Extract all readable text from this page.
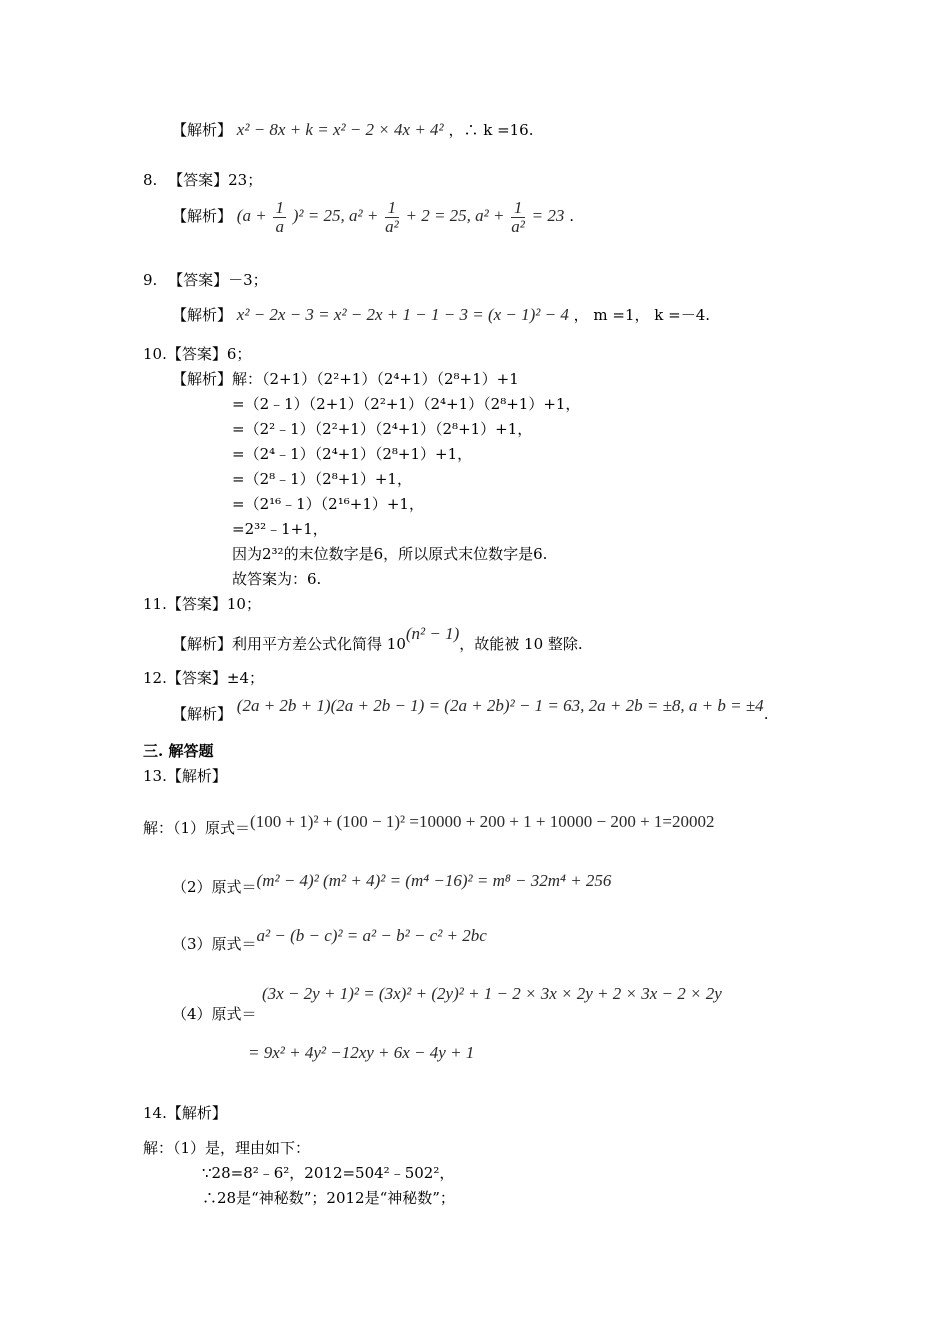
【解析】 x² − 8x + k = x² − 2 × 4x + 4² ，∴ k =16.
8. 【答案】23；
【解析】 $(a + \frac{1}{a} )^2 = 25$, $a^2 + \frac{1}{\text{a²}} + 2 = 25$, $a^2 + \frac{1}{\text{a²}} = 23$ .
9. 【答案】－3；
【解析】 x² − 2x − 3 = x² − 2x + 1 − 1 − 3 = (x − 1)² − 4 ， m =1， k =－4.
10.【答案】6；
【解析】 解：（2+1）（2²+1）（2⁴+1）（2⁸+1）+1
=（2﹣1）（2+1）（2²+1）（2⁴+1）（2⁸+1）+1，
=（2²﹣1）（2²+1）（2⁴+1）（2⁸+1）+1，
=（2⁴﹣1）（2⁴+1）（2⁸+1）+1，
=（2⁸﹣1）（2⁸+1）+1，
=（2¹⁶﹣1）（2¹⁶+1）+1，
=2³²﹣1+1，
因为2³²的末位数字是6，所以原式末位数字是6.
故答案为：6.
11.【答案】10；
【解析】利用平方差公式化简得 10(n² − 1)，故能被 10 整除.
12.【答案】±4；
【解析】 (2a + 2b + 1)(2a + 2b − 1) = (2a + 2b)² − 1 = 63, 2a + 2b = ±8, a + b = ±4.
三. 解答题
13.【解析】
解：（1）原式＝(100 + 1)² + (100 − 1)² =10000 + 200 + 1 + 10000 − 200 + 1=20002
（2）原式＝(m² − 4)² (m² + 4)² = (m⁴ −16)² = m⁸ − 32m⁴ + 256
（3）原式＝a² − (b − c)² = a² − b² − c² + 2bc
(3x − 2y + 1)² = (3x)² + (2y)² + 1 − 2 × 3x × 2y + 2 × 3x − 2 × 2y
（4）原式＝
= 9x² + 4y² −12xy + 6x − 4y + 1
14.【解析】
解：（1）是，理由如下：
∵28=8²﹣6²，2012=504²﹣502²，
∴28是“神秘数”；2012是“神秘数”；
